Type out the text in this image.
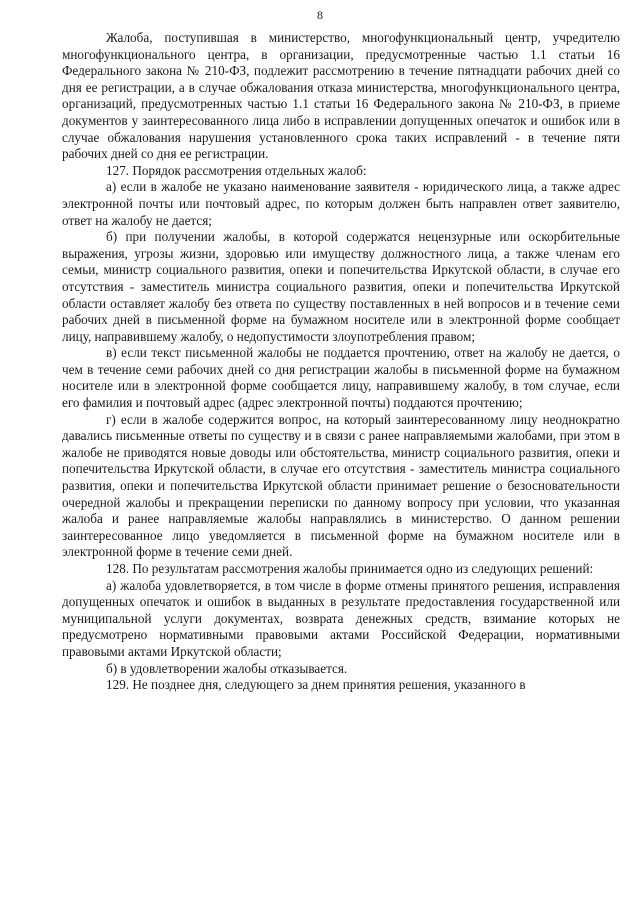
8

Жалоба, поступившая в министерство, многофункциональный центр, учредителю многофункционального центра, в организации, предусмотренные частью 1.1 статьи 16 Федерального закона № 210-ФЗ, подлежит рассмотрению в течение пятнадцати рабочих дней со дня ее регистрации, а в случае обжалования отказа министерства, многофункционального центра, организаций, предусмотренных частью 1.1 статьи 16 Федерального закона № 210-ФЗ, в приеме документов у заинтересованного лица либо в исправлении допущенных опечаток и ошибок или в случае обжалования нарушения установленного срока таких исправлений - в течение пяти рабочих дней со дня ее регистрации.

127. Порядок рассмотрения отдельных жалоб:

а) если в жалобе не указано наименование заявителя - юридического лица, а также адрес электронной почты или почтовый адрес, по которым должен быть направлен ответ заявителю, ответ на жалобу не дается;

б) при получении жалобы, в которой содержатся нецензурные или оскорбительные выражения, угрозы жизни, здоровью или имуществу должностного лица, а также членам его семьи, министр социального развития, опеки и попечительства Иркутской области, в случае его отсутствия - заместитель министра социального развития, опеки и попечительства Иркутской области оставляет жалобу без ответа по существу поставленных в ней вопросов и в течение семи рабочих дней в письменной форме на бумажном носителе или в электронной форме сообщает лицу, направившему жалобу, о недопустимости злоупотребления правом;

в) если текст письменной жалобы не поддается прочтению, ответ на жалобу не дается, о чем в течение семи рабочих дней со дня регистрации жалобы в письменной форме на бумажном носителе или в электронной форме сообщается лицу, направившему жалобу, в том случае, если его фамилия и почтовый адрес (адрес электронной почты) поддаются прочтению;

г) если в жалобе содержится вопрос, на который заинтересованному лицу неоднократно давались письменные ответы по существу и в связи с ранее направляемыми жалобами, при этом в жалобе не приводятся новые доводы или обстоятельства, министр социального развития, опеки и попечительства Иркутской области, в случае его отсутствия - заместитель министра социального развития, опеки и попечительства Иркутской области принимает решение о безосновательности очередной жалобы и прекращении переписки по данному вопросу при условии, что указанная жалоба и ранее направляемые жалобы направлялись в министерство. О данном решении заинтересованное лицо уведомляется в письменной форме на бумажном носителе или в электронной форме в течение семи дней.

128. По результатам рассмотрения жалобы принимается одно из следующих решений:

а) жалоба удовлетворяется, в том числе в форме отмены принятого решения, исправления допущенных опечаток и ошибок в выданных в результате предоставления государственной или муниципальной услуги документах, возврата денежных средств, взимание которых не предусмотрено нормативными правовыми актами Российской Федерации, нормативными правовыми актами Иркутской области;

б) в удовлетворении жалобы отказывается.

129. Не позднее дня, следующего за днем принятия решения, указанного в
